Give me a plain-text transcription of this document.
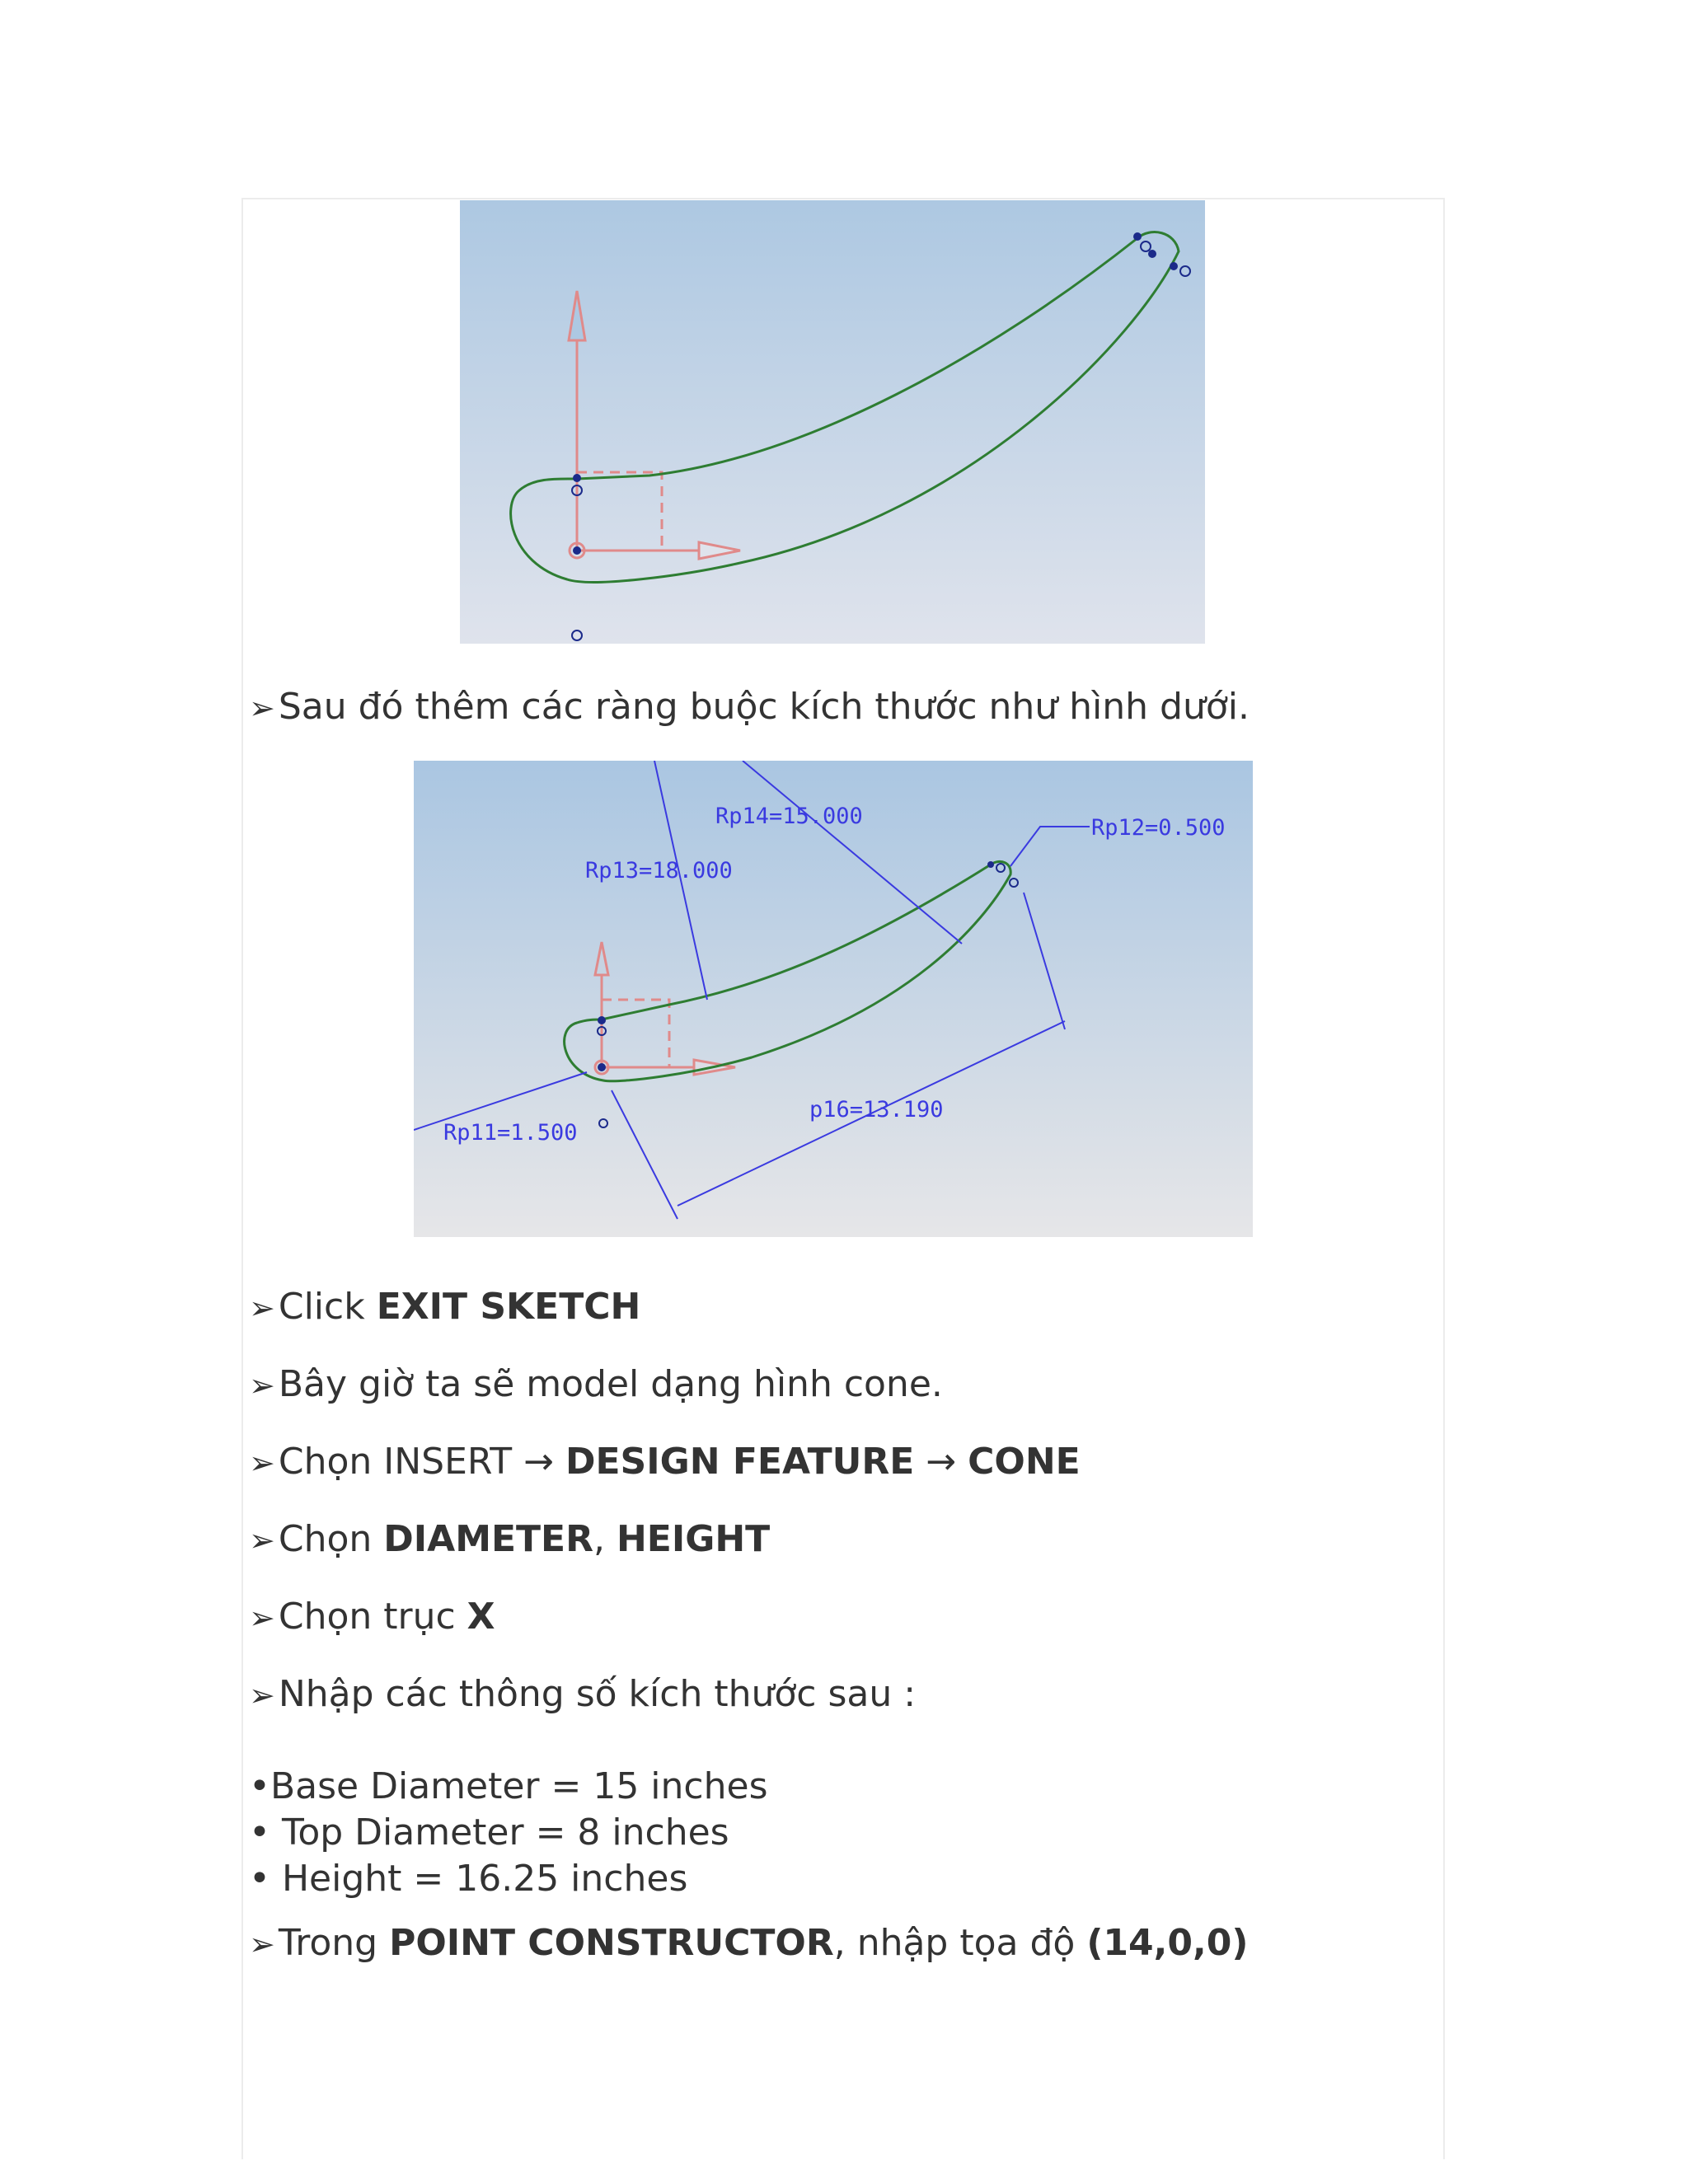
➢Sau đó thêm các ràng buộc kích thước như hình dưới.
Rp14=15.000
Rp13=18.000
Rp12=0.500
Rp11=1.500
p16=13.190
➢Click EXIT SKETCH
➢Bây giờ ta sẽ model dạng hình cone.
➢Chọn INSERT → DESIGN FEATURE → CONE
➢Chọn DIAMETER, HEIGHT
➢Chọn trục X
➢Nhập các thông số kích thước sau :
•Base Diameter = 15 inches
• Top Diameter = 8 inches
• Height = 16.25 inches
➢Trong POINT CONSTRUCTOR, nhập tọa độ (14,0,0)
